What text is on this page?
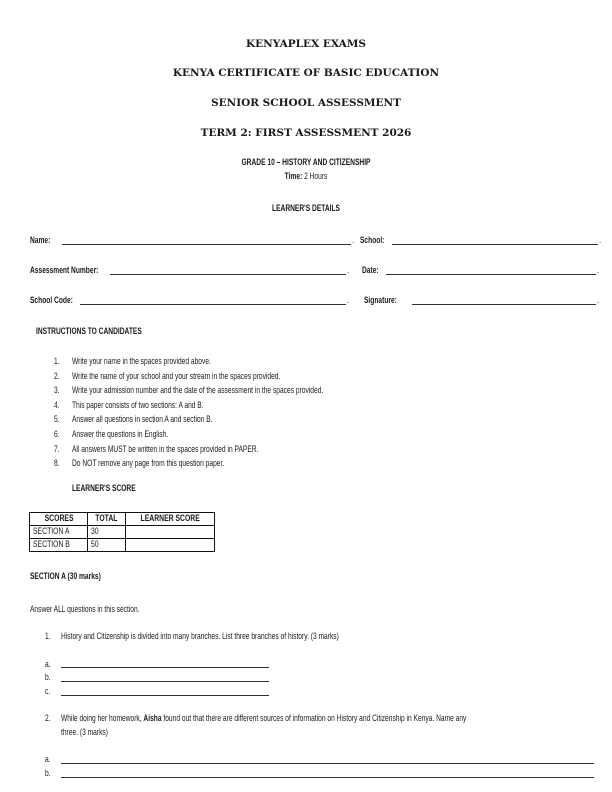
KENYAPLEX EXAMS
KENYA CERTIFICATE OF BASIC EDUCATION
SENIOR SCHOOL ASSESSMENT
TERM 2: FIRST ASSESSMENT 2026
GRADE 10 – HISTORY AND CITIZENSHIP
Time: 2 Hours
LEARNER'S DETAILS
Name:	. School:	.
Assessment Number:	. Date:	.
School Code:	. Signature:	.
INSTRUCTIONS TO CANDIDATES
1. Write your name in the spaces provided above.
2. Write the name of your school and your stream in the spaces provided.
3. Write your admission number and the date of the assessment in the spaces provided.
4. This paper consists of two sections: A and B.
5. Answer all questions in section A and section B.
6. Answer the questions in English.
7. All answers MUST be written in the spaces provided in PAPER.
8. Do NOT remove any page from this question paper.
LEARNER'S SCORE
SCORES	TOTAL	LEARNER SCORE
SECTION A	30	
SECTION B	50	
SECTION A (30 marks)
Answer ALL questions in this section.
1. History and Citizenship is divided into many branches. List three branches of history. (3 marks)
a.
b.
c.
2. While doing her homework, Aisha found out that there are different sources of information on History and Citizenship in Kenya. Name any
three. (3 marks)
a.
b.
